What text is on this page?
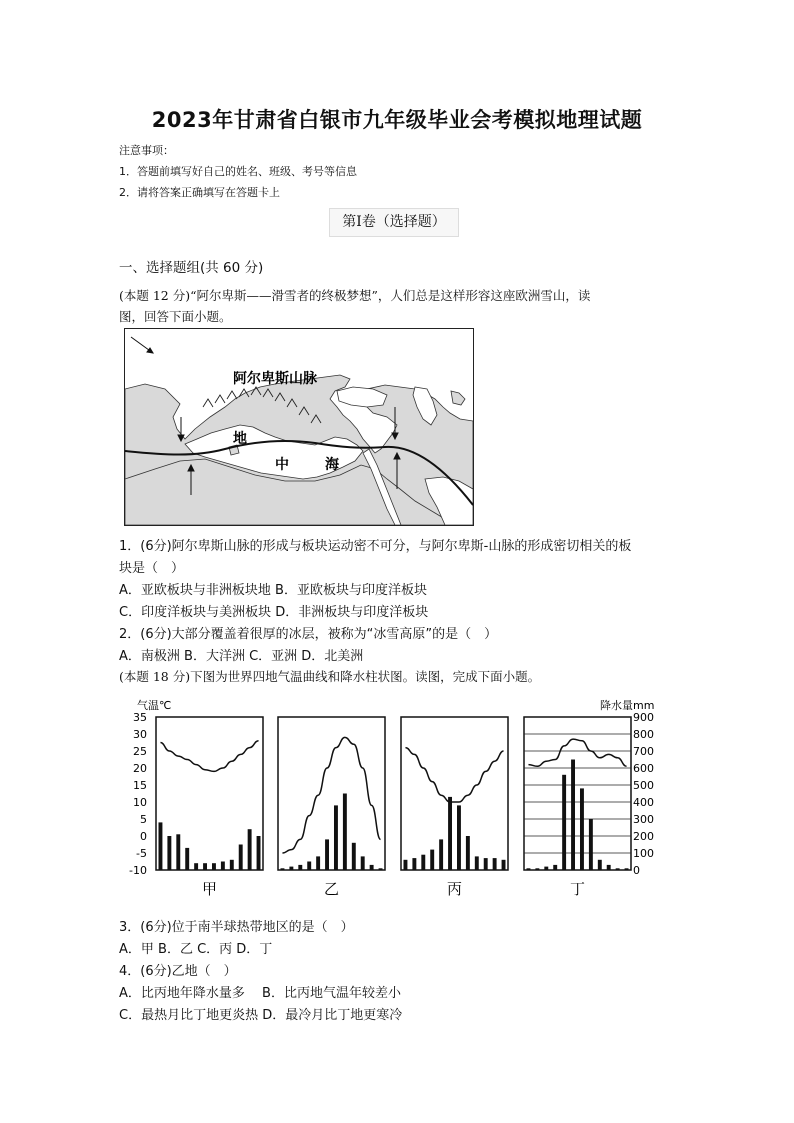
2023年甘肃省白银市九年级毕业会考模拟地理试题
注意事项：
1．答题前填写好自己的姓名、班级、考号等信息
2．请将答案正确填写在答题卡上
第I卷（选择题）
一、选择题组(共 60 分)
(本题 12 分)“阿尔卑斯——滑雪者的终极梦想”，人们总是这样形容这座欧洲雪山，读
图，回答下面小题。
阿尔卑斯山脉
地
中	海
1．(6分)阿尔卑斯山脉的形成与板块运动密不可分，与阿尔卑斯-山脉的形成密切相关的板
块是（　）
A．亚欧板块与非洲板块地 B．亚欧板块与印度洋板块
C．印度洋板块与美洲板块 D．非洲板块与印度洋板块
2．(6分)大部分覆盖着很厚的冰层，被称为“冰雪高原”的是（　）
A．南极洲 B．大洋洲 C．亚洲 D．北美洲
(本题 18 分)下图为世界四地气温曲线和降水柱状图。读图，完成下面小题。
气温℃	降水量mm
35
30
25
20
15
10
5
0
-5
-10
900
800
700
600
500
400
300
200
100
0
甲	乙	丙	丁
3．(6分)位于南半球热带地区的是（　）
A．甲 B．乙 C．丙 D．丁
4．(6分)乙地（　）
A．比丙地年降水量多　 B．比丙地气温年较差小
C．最热月比丁地更炎热 D．最冷月比丁地更寒冷
